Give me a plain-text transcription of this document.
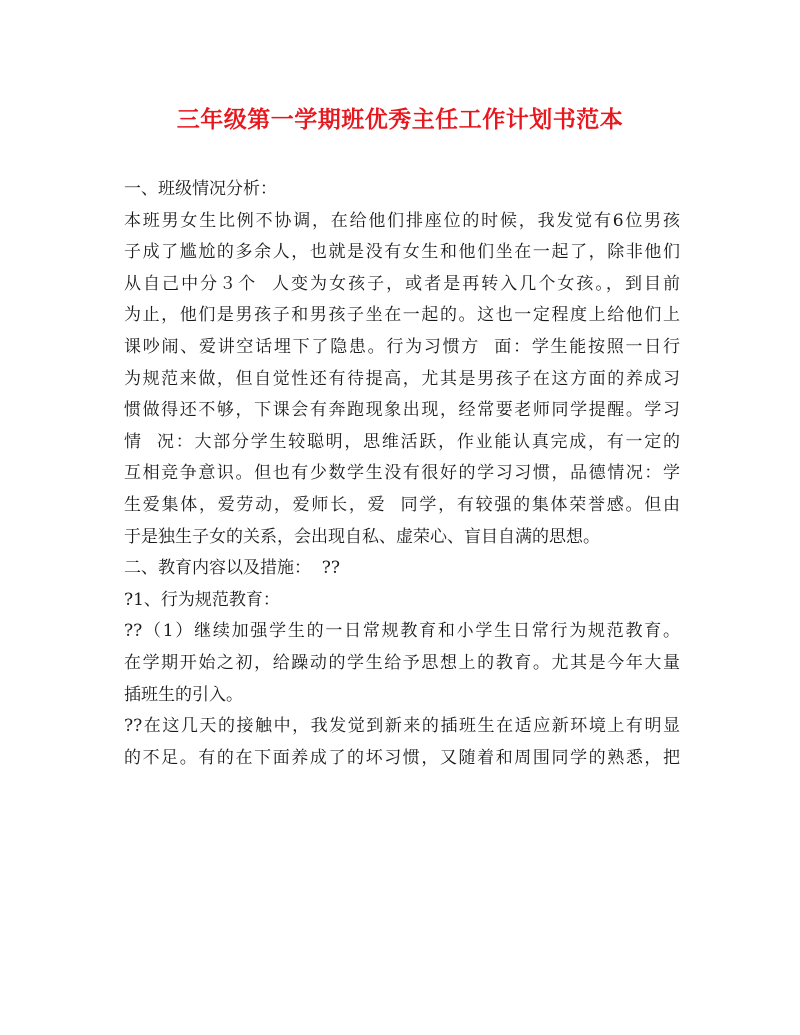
三年级第一学期班优秀主任工作计划书范本
一、班级情况分析：
本班男女生比例不协调，在给他们排座位的时候，我发觉有6位男孩
子成了尴尬的多余人，也就是没有女生和他们坐在一起了，除非他们
从自己中分３个  人变为女孩子，或者是再转入几个女孩。，到目前
为止，他们是男孩子和男孩子坐在一起的。这也一定程度上给他们上
课吵闹、爱讲空话埋下了隐患。行为习惯方  面：学生能按照一日行
为规范来做，但自觉性还有待提高，尤其是男孩子在这方面的养成习
惯做得还不够，下课会有奔跑现象出现，经常要老师同学提醒。学习
情  况：大部分学生较聪明，思维活跃，作业能认真完成，有一定的
互相竞争意识。但也有少数学生没有很好的学习习惯，品德情况：学
生爱集体，爱劳动，爱师长，爱  同学，有较强的集体荣誉感。但由
于是独生子女的关系，会出现自私、虚荣心、盲目自满的思想。
二、教育内容以及措施：  ??
?1、行为规范教育：
??（1）继续加强学生的一日常规教育和小学生日常行为规范教育。
在学期开始之初，给躁动的学生给予思想上的教育。尤其是今年大量
插班生的引入。
??在这几天的接触中，我发觉到新来的插班生在适应新环境上有明显
的不足。有的在下面养成了的坏习惯，又随着和周围同学的熟悉，把
